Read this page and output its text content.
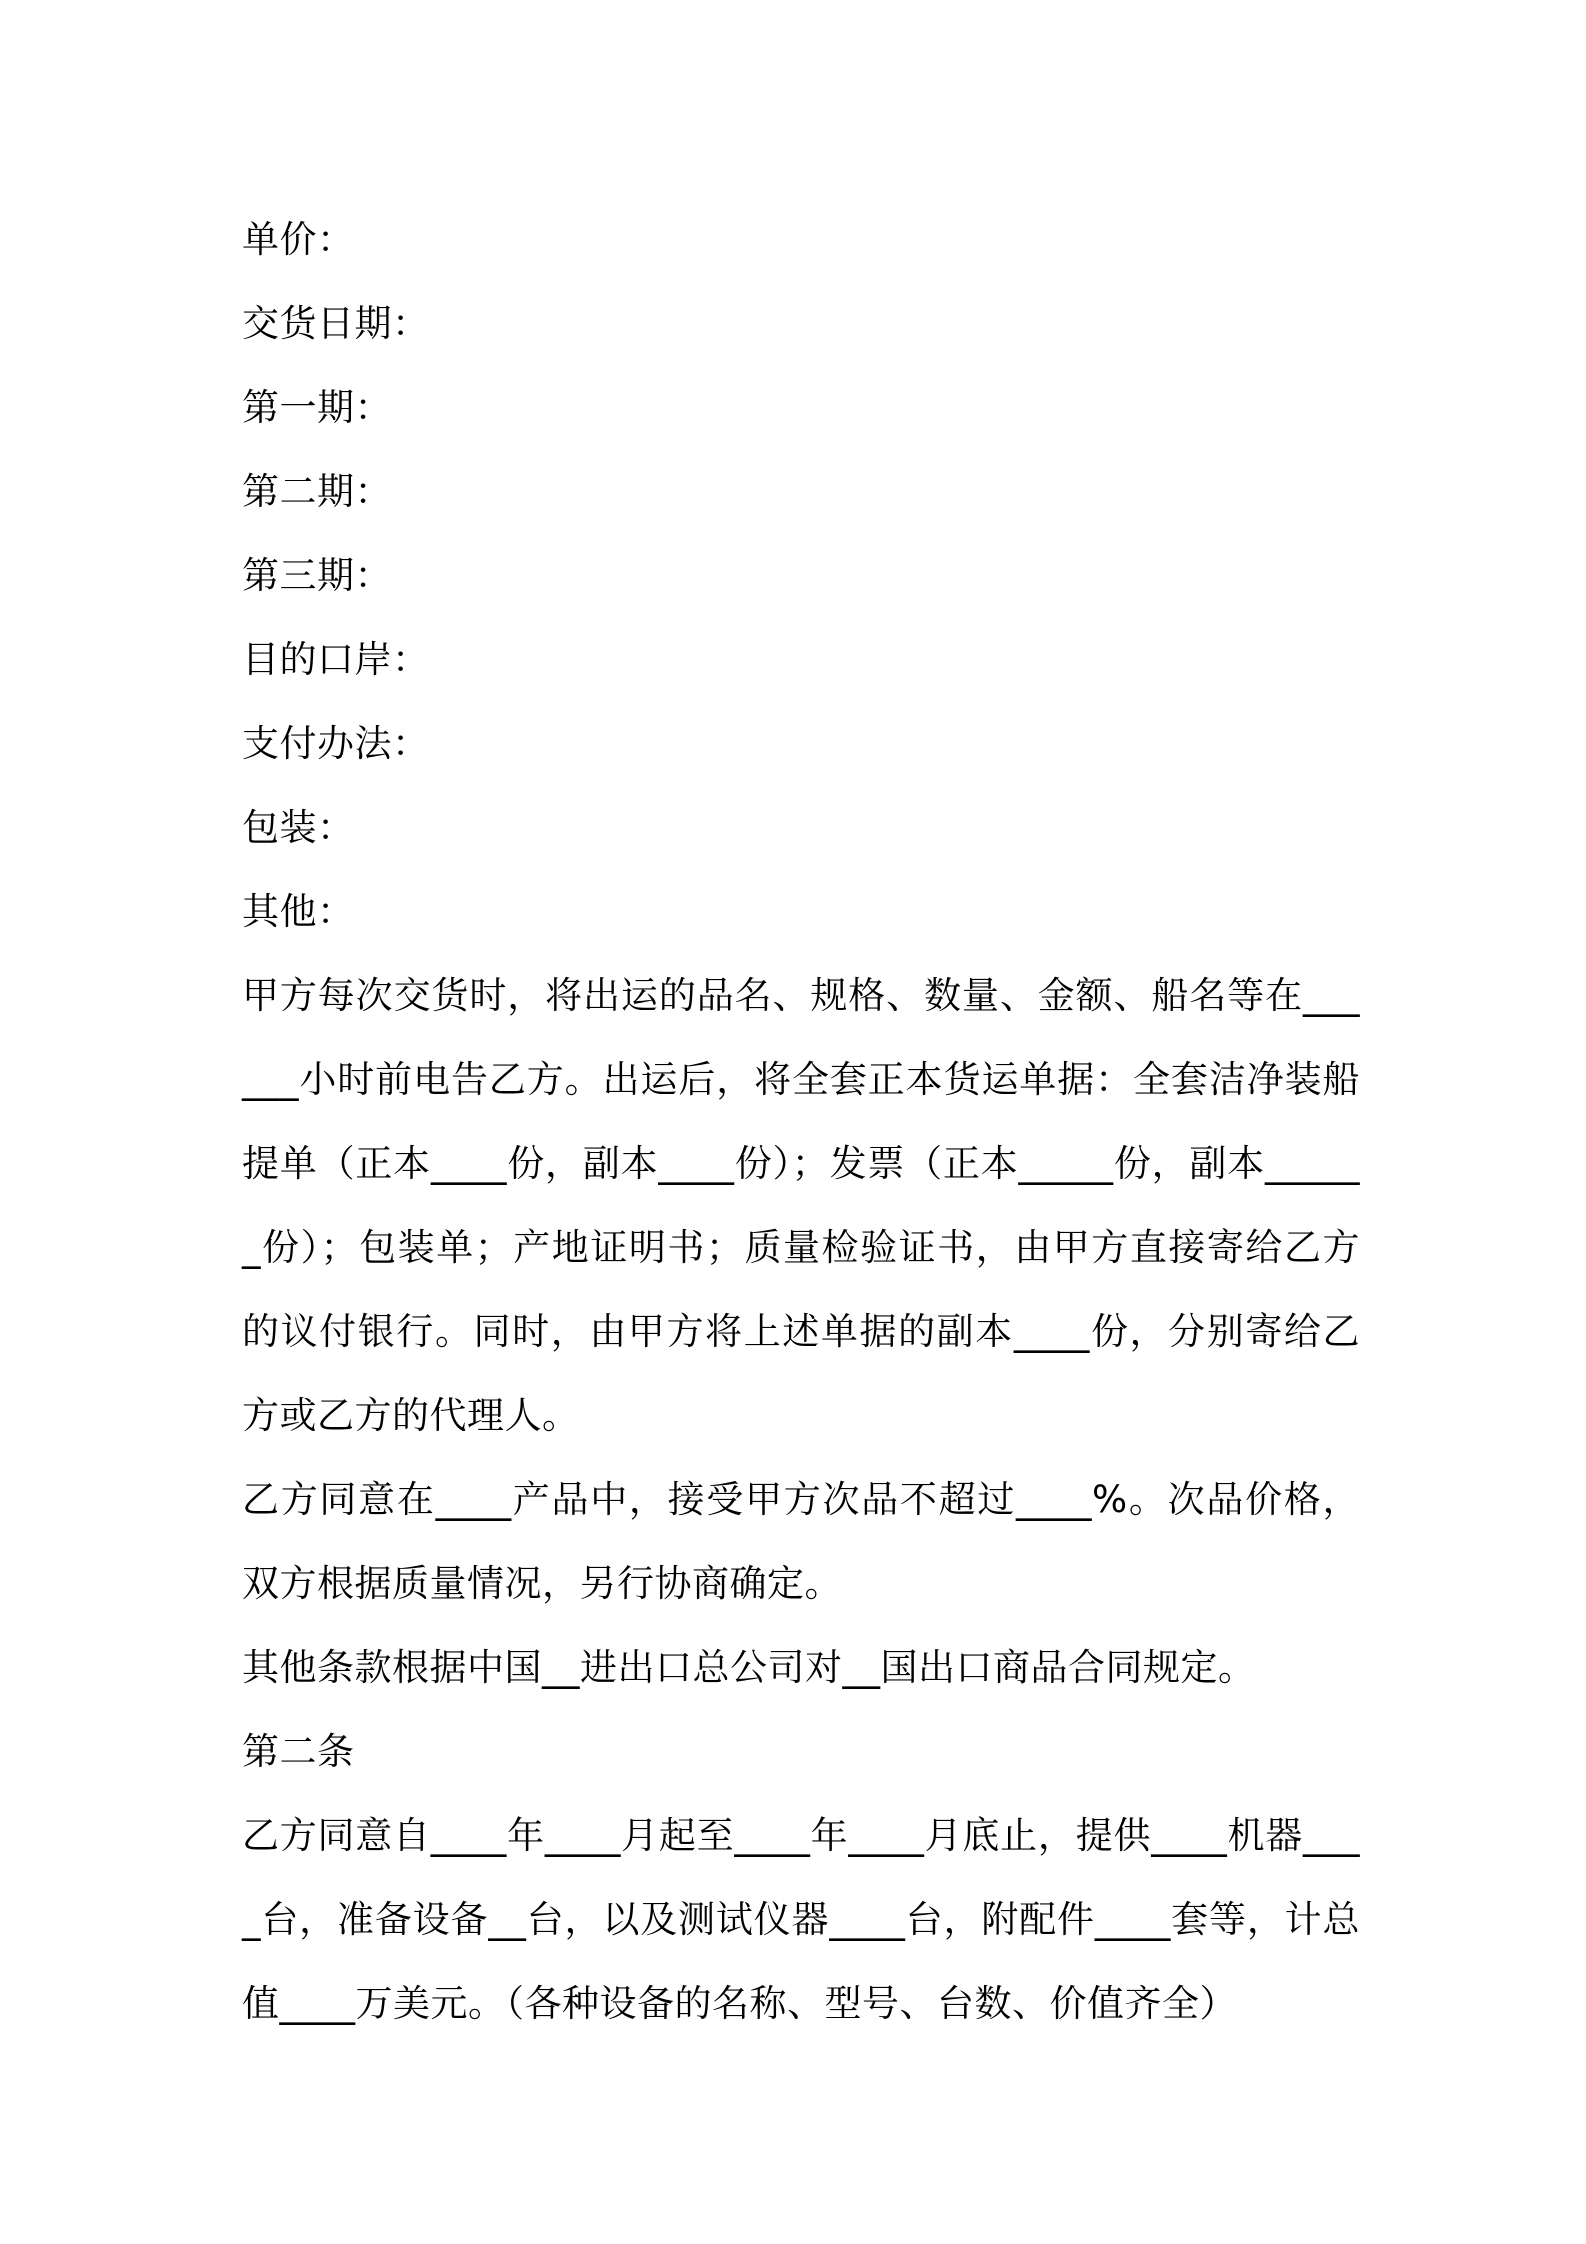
单价：
交货日期：
第一期：
第二期：
第三期：
目的口岸：
支付办法：
包装：
其他：
甲方每次交货时，将出运的品名、规格、数量、金额、船名等在______小时前电告乙方。出运后，将全套正本货运单据：全套洁净装船提单（正本____份，副本____份）；发票（正本_____份，副本______份）；包装单；产地证明书；质量检验证书，由甲方直接寄给乙方的议付银行。同时，由甲方将上述单据的副本____份，分别寄给乙方或乙方的代理人。
乙方同意在____产品中，接受甲方次品不超过____%。次品价格，双方根据质量情况，另行协商确定。
其他条款根据中国__进出口总公司对__国出口商品合同规定。
第二条
乙方同意自____年____月起至____年____月底止，提供____机器____台，准备设备__台，以及测试仪器____台，附配件____套等，计总值____万美元。（各种设备的名称、型号、台数、价值齐全）
